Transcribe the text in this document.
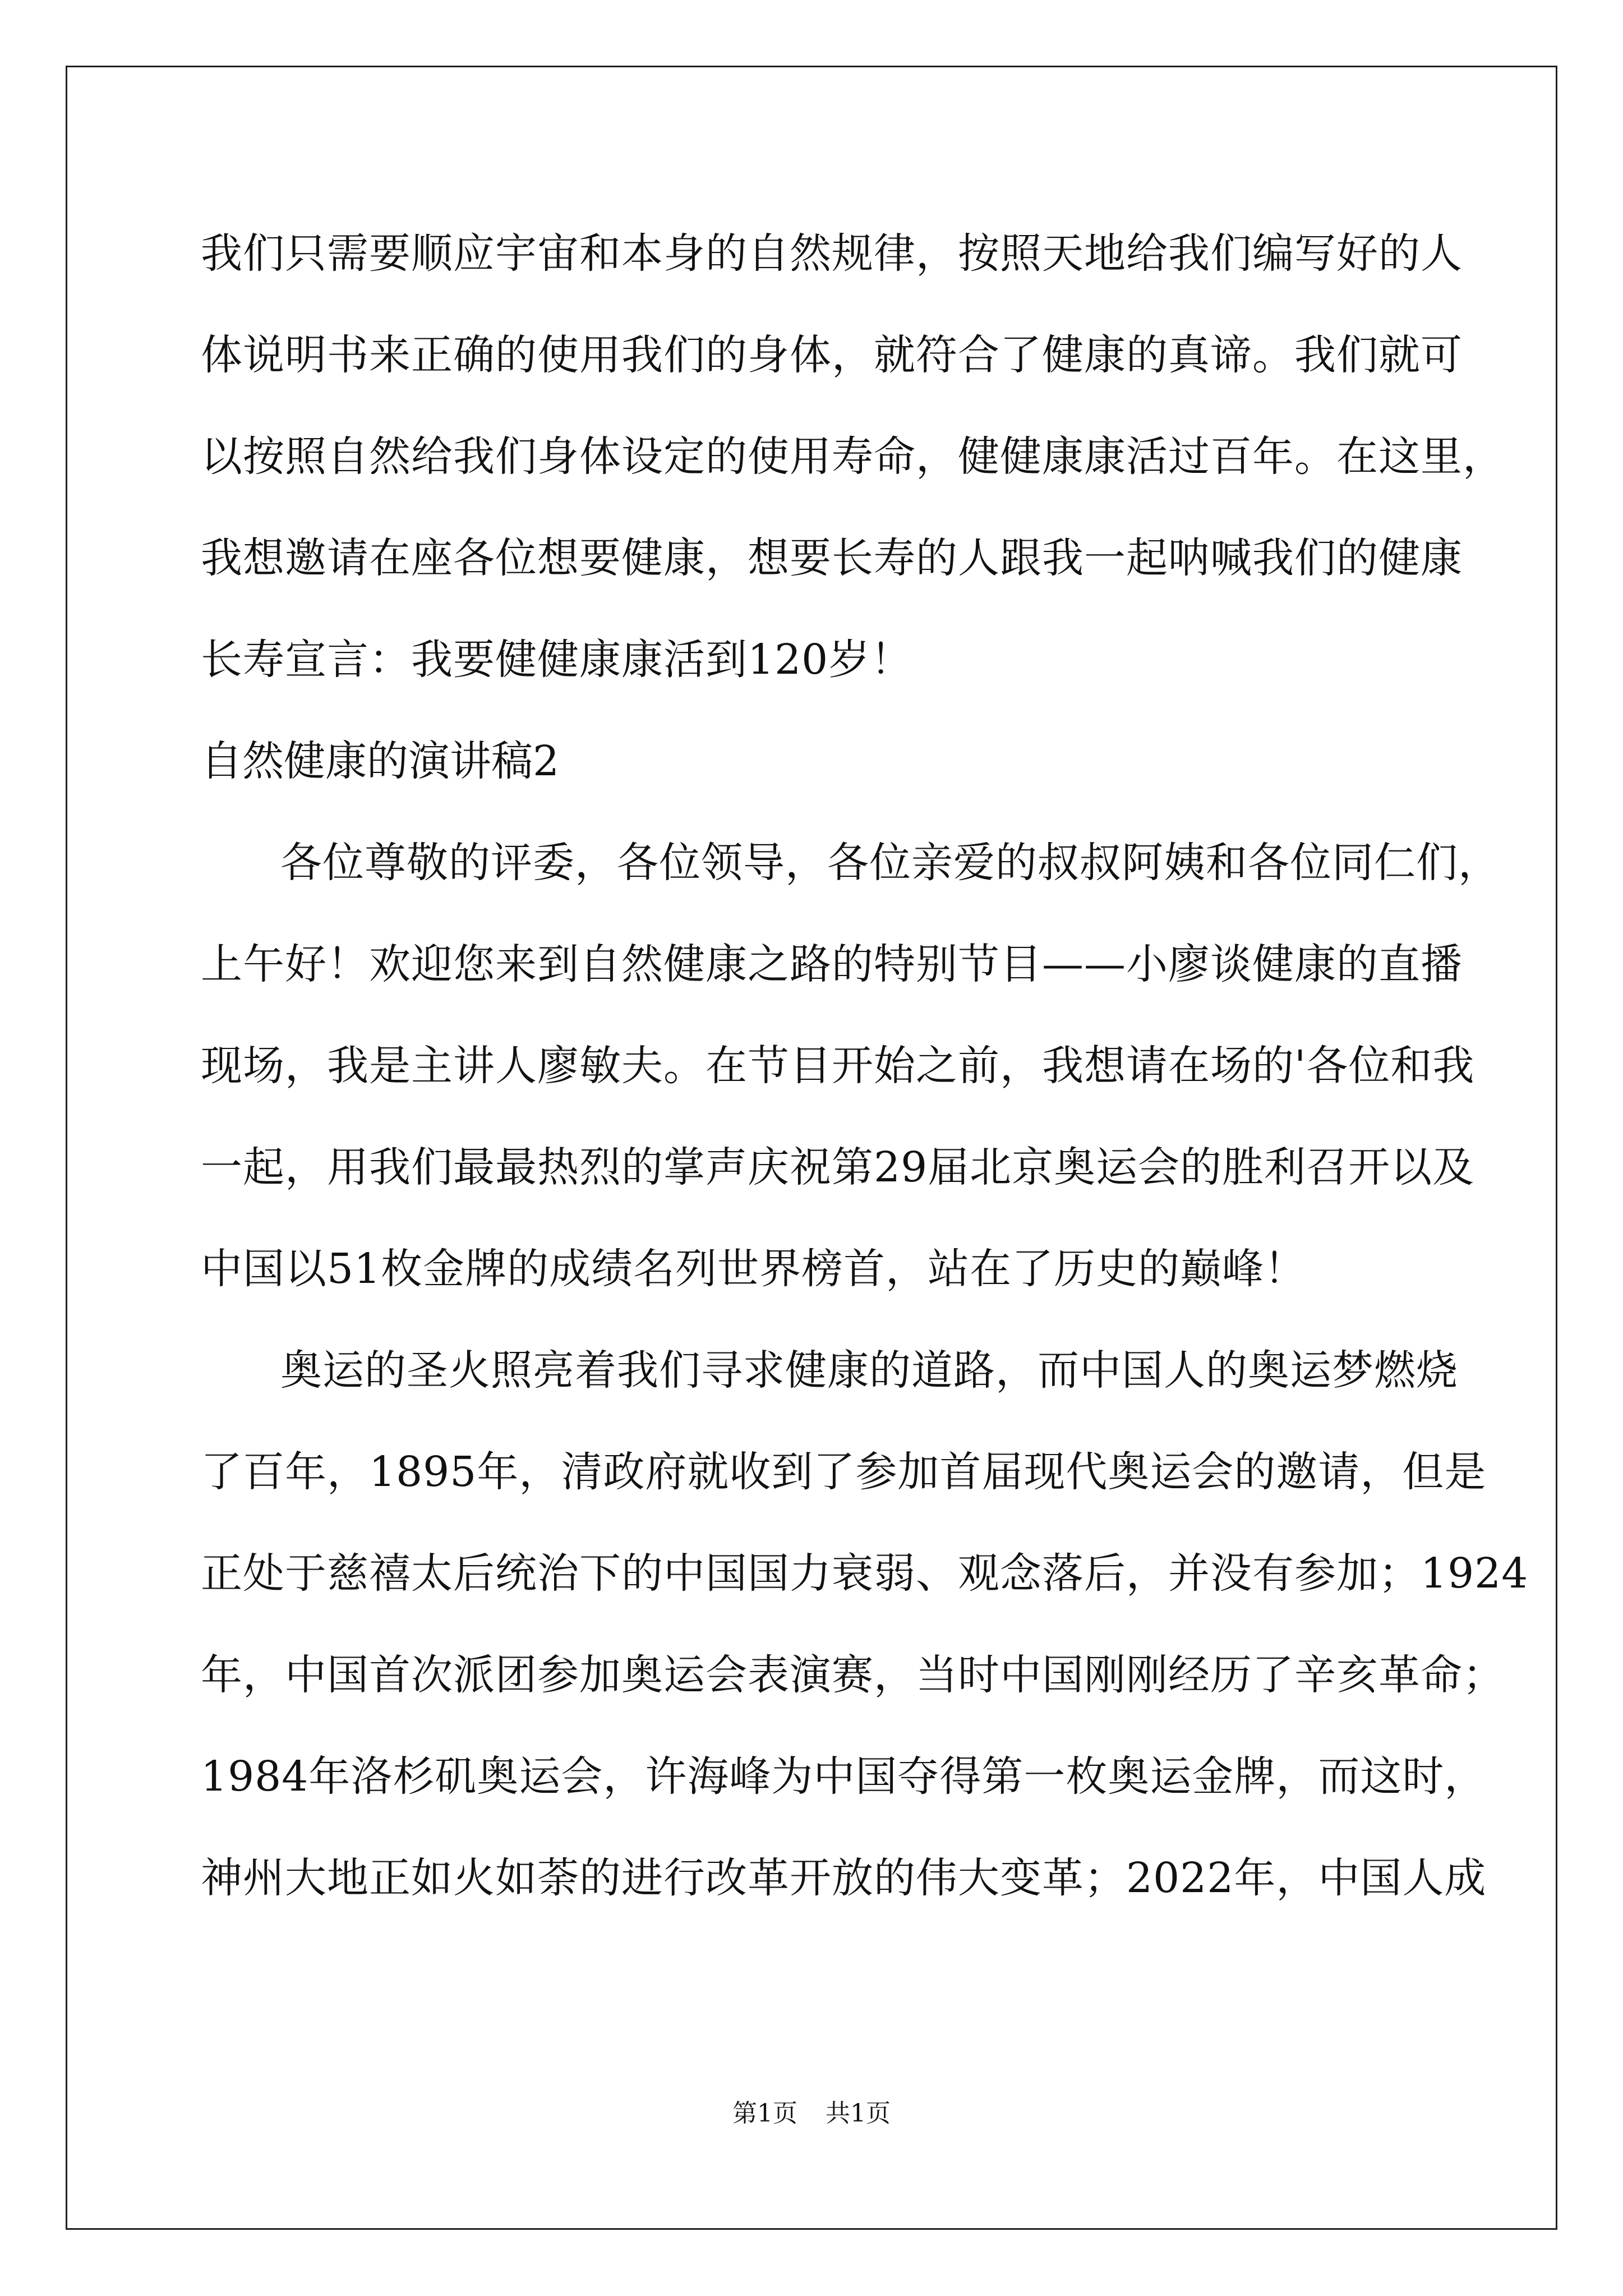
我们只需要顺应宇宙和本身的自然规律，按照天地给我们编写好的人
体说明书来正确的使用我们的身体，就符合了健康的真谛。我们就可
以按照自然给我们身体设定的使用寿命，健健康康活过百年。在这里，
我想邀请在座各位想要健康，想要长寿的人跟我一起呐喊我们的健康
长寿宣言：我要健健康康活到120岁！
自然健康的演讲稿2
各位尊敬的评委，各位领导，各位亲爱的叔叔阿姨和各位同仁们，
上午好！欢迎您来到自然健康之路的特别节目——小廖谈健康的直播
现场，我是主讲人廖敏夫。在节目开始之前，我想请在场的'各位和我
一起，用我们最最热烈的掌声庆祝第29届北京奥运会的胜利召开以及
中国以51枚金牌的成绩名列世界榜首，站在了历史的巅峰！
奥运的圣火照亮着我们寻求健康的道路，而中国人的奥运梦燃烧
了百年，1895年，清政府就收到了参加首届现代奥运会的邀请，但是
正处于慈禧太后统治下的中国国力衰弱、观念落后，并没有参加；1924
年，中国首次派团参加奥运会表演赛，当时中国刚刚经历了辛亥革命；
1984年洛杉矶奥运会，许海峰为中国夺得第一枚奥运金牌，而这时，
神州大地正如火如荼的进行改革开放的伟大变革；2022年，中国人成
第1页 共1页
